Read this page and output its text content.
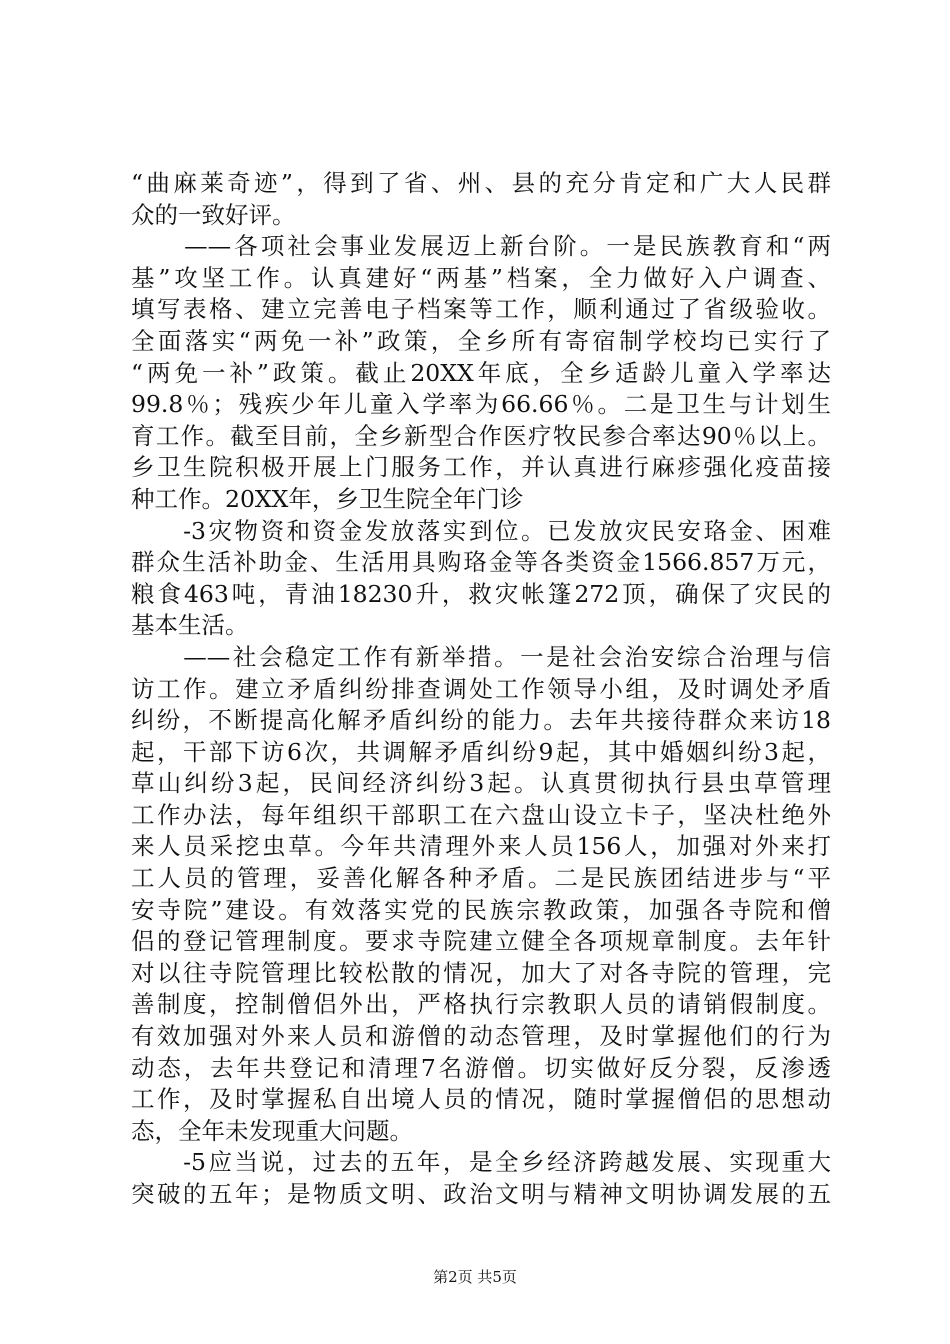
“曲麻莱奇迹”，得到了省、州、县的充分肯定和广大人民群
众的一致好评。
　　——各项社会事业发展迈上新台阶。一是民族教育和“两
基”攻坚工作。认真建好“两基”档案，全力做好入户调查、
填写表格、建立完善电子档案等工作，顺利通过了省级验收。
全面落实“两免一补”政策，全乡所有寄宿制学校均已实行了
“两免一补”政策。截止20XX年底，全乡适龄儿童入学率达
99.8％；残疾少年儿童入学率为66.66％。二是卫生与计划生
育工作。截至目前，全乡新型合作医疗牧民参合率达90％以上。
乡卫生院积极开展上门服务工作，并认真进行麻疹强化疫苗接
种工作。20XX年，乡卫生院全年门诊
　　-3灾物资和资金发放落实到位。已发放灾民安珞金、困难
群众生活补助金、生活用具购珞金等各类资金1566.857万元，
粮食463吨，青油18230升，救灾帐篷272顶，确保了灾民的
基本生活。
　　——社会稳定工作有新举措。一是社会治安综合治理与信
访工作。建立矛盾纠纷排查调处工作领导小组，及时调处矛盾
纠纷，不断提高化解矛盾纠纷的能力。去年共接待群众来访18
起，干部下访6次，共调解矛盾纠纷9起，其中婚姻纠纷3起，
草山纠纷3起，民间经济纠纷3起。认真贯彻执行县虫草管理
工作办法，每年组织干部职工在六盘山设立卡子，坚决杜绝外
来人员采挖虫草。今年共清理外来人员156人，加强对外来打
工人员的管理，妥善化解各种矛盾。二是民族团结进步与“平
安寺院”建设。有效落实党的民族宗教政策，加强各寺院和僧
侣的登记管理制度。要求寺院建立健全各项规章制度。去年针
对以往寺院管理比较松散的情况，加大了对各寺院的管理，完
善制度，控制僧侣外出，严格执行宗教职人员的请销假制度。
有效加强对外来人员和游僧的动态管理，及时掌握他们的行为
动态，去年共登记和清理7名游僧。切实做好反分裂，反渗透
工作，及时掌握私自出境人员的情况，随时掌握僧侣的思想动
态，全年未发现重大问题。
　　-5应当说，过去的五年，是全乡经济跨越发展、实现重大
突破的五年；是物质文明、政治文明与精神文明协调发展的五
第2页 共5页
